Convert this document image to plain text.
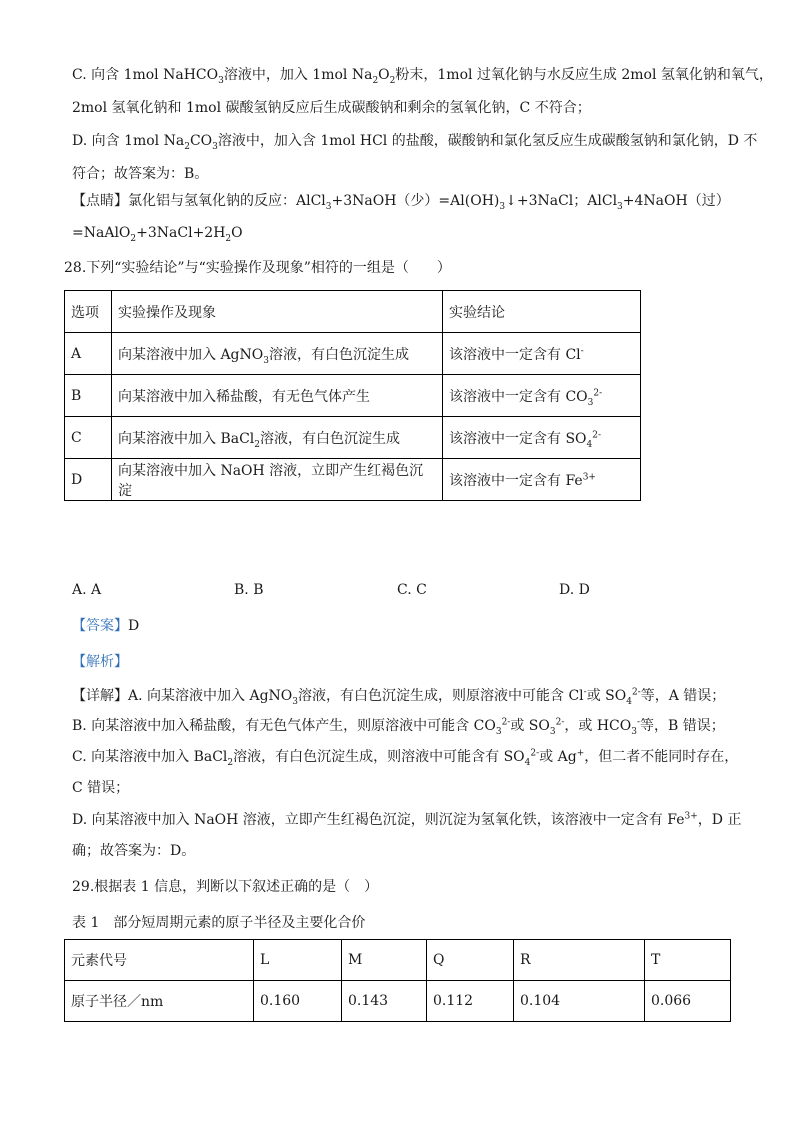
C. 向含 1mol NaHCO$_3$溶液中，加入 1mol $Na_2O_2$粉末，1mol 过氧化钠与水反应生成 2mol 氢氧化钠和氧气，
2mol 氢氧化钠和 1mol 碳酸氢钠反应后生成碳酸钠和剩余的氢氧化钠，C 不符合；
D. 向含 1mol $Na_2CO_3$溶液中，加入含 1mol HCl 的盐酸，碳酸钠和氯化氢反应生成碳酸氢钠和氯化钠，D 不
符合；故答案为：B。
【点睛】氯化铝与氢氧化钠的反应：AlCl$_3$+3NaOH（少）$=Al(OH)_3↓+3NaCl$；AlCl$_3$+4NaOH（过）
$=NaAlO_2+3NaCl+2H_2O$
28.下列“实验结论”与“实验操作及现象”相符的一组是（　　）
选项	实验操作及现象	实验结论
A	向某溶液中加入 AgNO$_3$溶液，有白色沉淀生成	该溶液中一定含有 Cl-
B	向某溶液中加入稀盐酸，有无色气体产生	该溶液中一定含有 $CO_3^{2-}$
C	向某溶液中加入 BaCl$_2$溶液，有白色沉淀生成	该溶液中一定含有 $SO_4^{2-}$
D	向某溶液中加入 NaOH 溶液，立即产生红褐色沉淀	该溶液中一定含有 $Fe^{3+}$
A. A	B. B	C. C	D. D
【答案】D
【解析】
【详解】A. 向某溶液中加入 AgNO$_3$溶液，有白色沉淀生成，则原溶液中可能含 Cl-或 $SO_4^{2-}$等，A 错误；
B. 向某溶液中加入稀盐酸，有无色气体产生，则原溶液中可能含 $CO_3^{2-}$或 $SO_3^{2-}$，或 $HCO_3^-$等，B 错误；
C. 向某溶液中加入 BaCl$_2$溶液，有白色沉淀生成，则溶液中可能含有 $SO_4^{2-}$或 Ag+，但二者不能同时存在，
C 错误；
D. 向某溶液中加入 NaOH 溶液，立即产生红褐色沉淀，则沉淀为氢氧化铁，该溶液中一定含有 $Fe^{3+}$，D 正
确；故答案为：D。
29.根据表 1 信息，判断以下叙述正确的是（　）
表 1　部分短周期元素的原子半径及主要化合价
元素代号	L	M	Q	R	T
原子半径／nm	0.160	0.143	0.112	0.104	0.066
